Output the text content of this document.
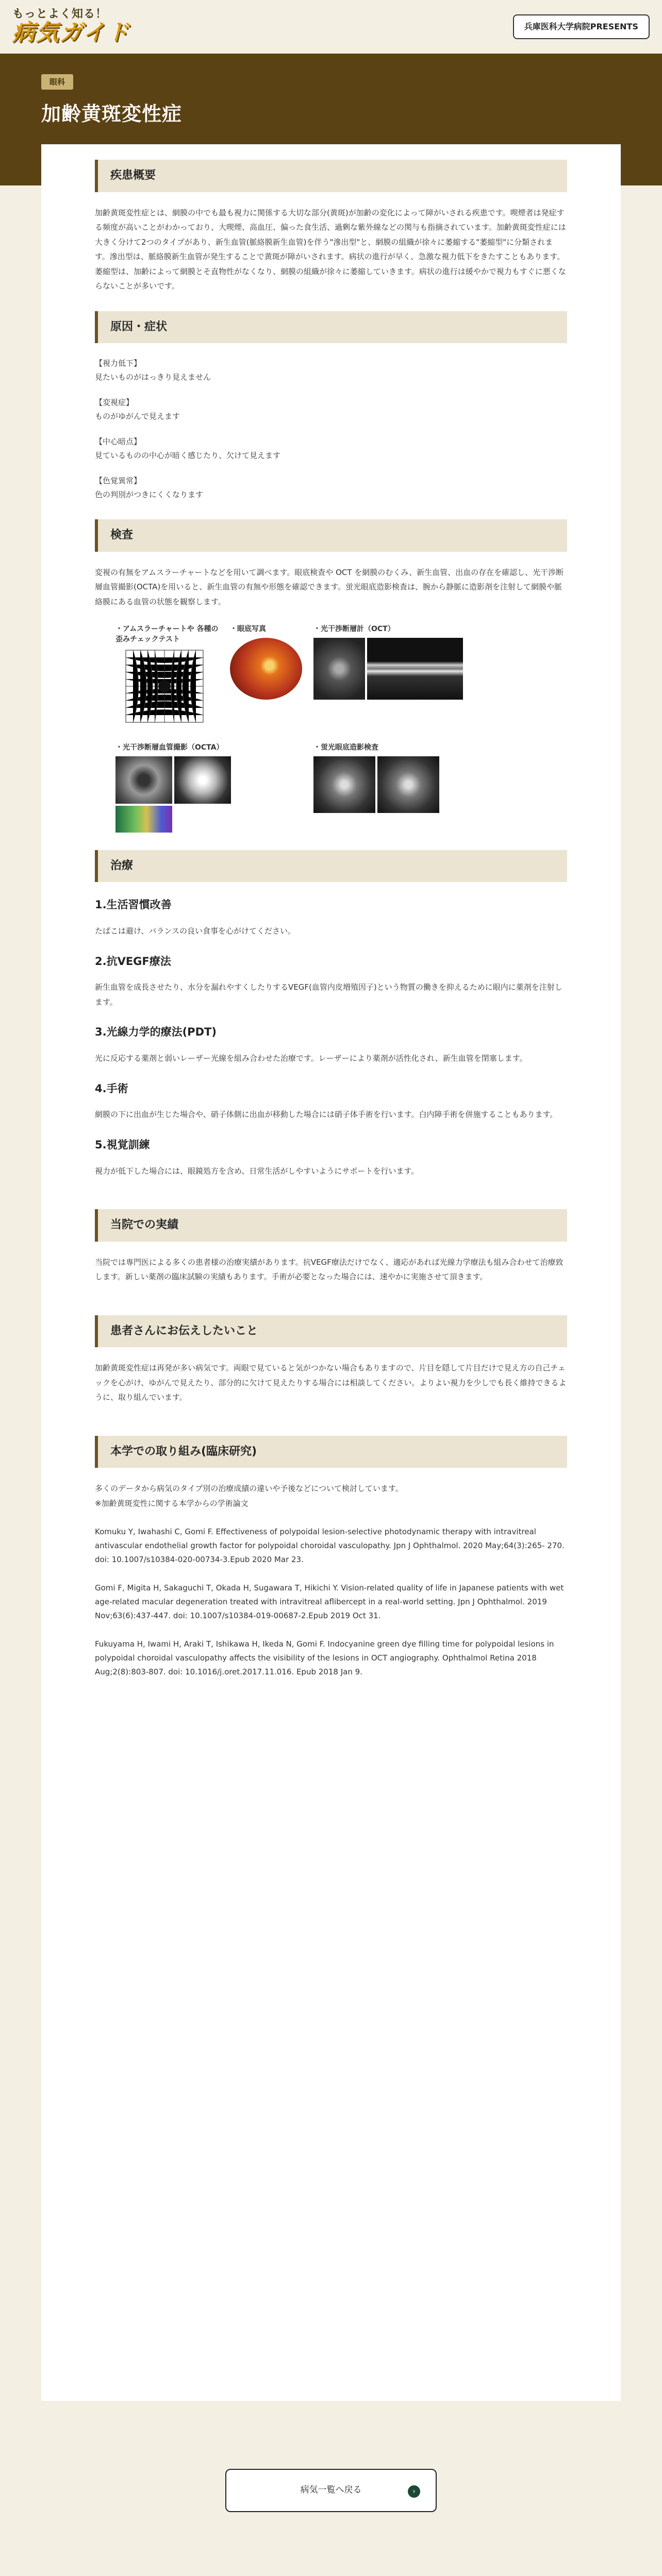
もっとよく知る！
病気ガイド	兵庫医科大学病院PRESENTS
眼科
加齢黄斑変性症
疾患概要

加齢黄斑変性症とは、網膜の中でも最も視力に関係する大切な部分(黄斑)が加齢の変化によって障がいされる疾患です。喫煙者は発症する頻度が高いことがわかっており、大喫煙、高血圧、偏った食生活、過剰な紫外線などの関与も指摘されています。加齢黄斑変性症には大きく分けて2つのタイプがあり、新生血管(脈絡膜新生血管)を伴う"滲出型"と、網膜の組織が徐々に萎縮する"萎縮型"に分類されます。滲出型は、脈絡膜新生血管が発生することで黄斑が障がいされます。病状の進行が早く、急激な視力低下をきたすこともあります。萎縮型は、加齢によって網膜とそ直物性がなくなり、網膜の組織が徐々に萎縮していきます。病状の進行は緩やかで視力もすぐに悪くならないことが多いです。

原因・症状
【視力低下】
見たいものがはっきり見えません
【変視症】
ものがゆがんで見えます
【中心暗点】
見ているものの中心が暗く感じたり、欠けて見えます
【色覚異常】
色の判別がつきにくくなります
検査

変視の有無をアムスラーチャートなどを用いて調べます。眼底検査や OCT を網膜のむくみ、新生血管、出血の存在を確認し、光干渉断層血管撮影(OCTA)を用いると、新生血管の有無や形態を確認できます。蛍光眼底造影検査は、腕から静脈に造影剤を注射して網膜や脈絡膜にある血管の状態を観察します。

・アムスラーチャートや 各種の歪みチェックテスト
・眼底写真	・光干渉断層計（OCT）
・光干渉断層血管撮影（OCTA）	・蛍光眼底造影検査
治療
1.生活習慣改善

たばこは避け、バランスの良い食事を心がけてください。

2.抗VEGF療法

新生血管を成長させたり、水分を漏れやすくしたりするVEGF(血管内皮増殖因子)という物質の働きを抑えるために眼内に薬剤を注射します。

3.光線力学的療法(PDT)

光に反応する薬剤と弱いレーザー光線を組み合わせた治療です。レーザーにより薬剤が活性化され、新生血管を閉塞します。

4.手術

網膜の下に出血が生じた場合や、硝子体側に出血が移動した場合には硝子体手術を行います。白内障手術を併施することもあります。

5.視覚訓練

視力が低下した場合には、眼鏡処方を含め、日常生活がしやすいようにサポートを行います。

当院での実績

当院では専門医による多くの患者様の治療実績があります。抗VEGF療法だけでなく、適応があれば光線力学療法も組み合わせて治療致します。新しい薬剤の臨床試験の実績もあります。手術が必要となった場合には、速やかに実施させて頂きます。

患者さんにお伝えしたいこと

加齢黄斑変性症は再発が多い病気です。両眼で見ていると気がつかない場合もありますので、片目を隠して片目だけで見え方の自己チェックを心がけ、ゆがんで見えたり、部分的に欠けて見えたりする場合には相談してください。よりよい視力を少しでも長く維持できるように、取り組んでいます。

本学での取り組み(臨床研究)

多くのデータから病気のタイプ別の治療成績の違いや予後などについて検討しています。

※加齢黄斑変性に関する本学からの学術論文

Komuku Y, Iwahashi C, Gomi F. Effectiveness of polypoidal lesion-selective photodynamic therapy with intravitreal antivascular endothelial growth factor for polypoidal choroidal vasculopathy. Jpn J Ophthalmol. 2020 May;64(3):265- 270. doi: 10.1007/s10384-020-00734-3.Epub 2020 Mar 23.

Gomi F, Migita H, Sakaguchi T, Okada H, Sugawara T, Hikichi Y. Vision-related quality of life in Japanese patients with wet age-related macular degeneration treated with intravitreal aflibercept in a real-world setting. Jpn J Ophthalmol. 2019 Nov;63(6):437-447. doi: 10.1007/s10384-019-00687-2.Epub 2019 Oct 31.

Fukuyama H, Iwami H, Araki T, Ishikawa H, Ikeda N, Gomi F. Indocyanine green dye filling time for polypoidal lesions in polypoidal choroidal vasculopathy affects the visibility of the lesions in OCT angiography. Ophthalmol Retina 2018 Aug;2(8):803-807. doi: 10.1016/j.oret.2017.11.016. Epub 2018 Jan 9.

病気一覧へ戻る	›
